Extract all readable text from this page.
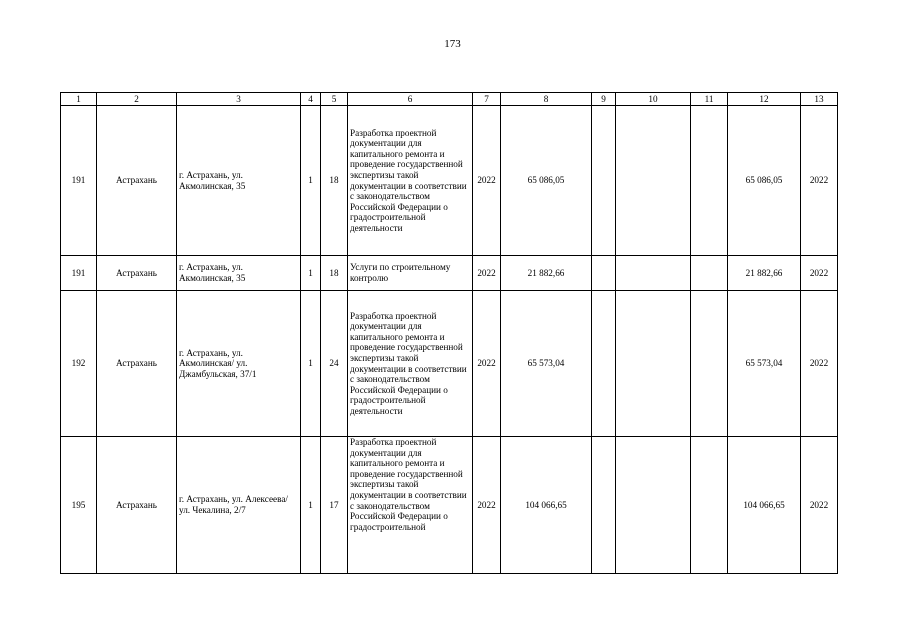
173
1	2	3	4	5	6	7	8	9	10	11	12	13
191	Астрахань	г. Астрахань, ул. Акмолинская, 35	1	18	Разработка проектной документации для капитального ремонта и проведение государственной экспертизы такой документации в соответствии с законодательством Российской Федерации о градостроительной деятельности	2022	65 086,05				65 086,05	2022
191	Астрахань	г. Астрахань, ул. Акмолинская, 35	1	18	Услуги по строительному контролю	2022	21 882,66				21 882,66	2022
192	Астрахань	г. Астрахань, ул. Акмолинская/ ул. Джамбульская, 37/1	1	24	Разработка проектной документации для капитального ремонта и проведение государственной экспертизы такой документации в соответствии с законодательством Российской Федерации о градостроительной деятельности	2022	65 573,04				65 573,04	2022
195	Астрахань	г. Астрахань, ул. Алексеева/ ул. Чекалина, 2/7	1	17	Разработка проектной документации для капитального ремонта и проведение государственной экспертизы такой документации в соответствии с законодательством Российской Федерации о градостроительной	2022	104 066,65				104 066,65	2022
